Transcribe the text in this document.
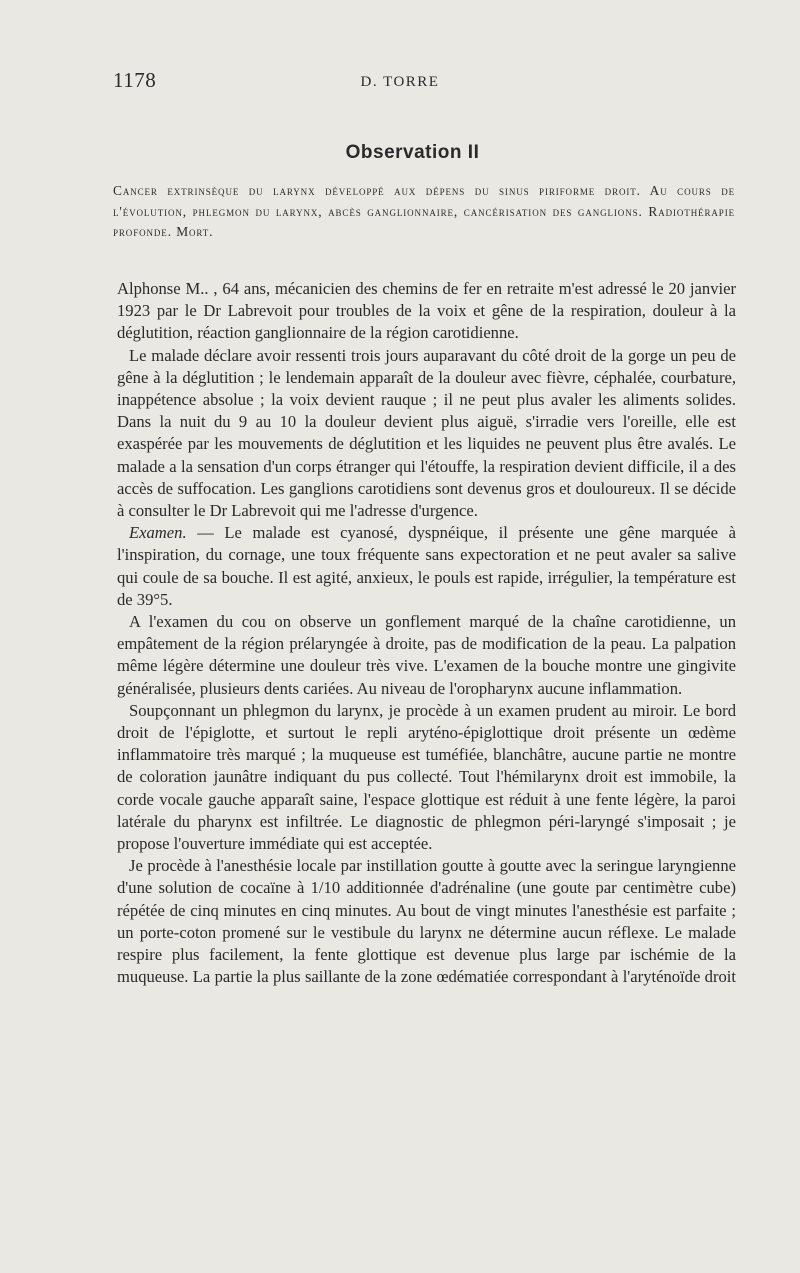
1178	D. TORRE
Observation II
Cancer extrinsèque du larynx développé aux dépens du sinus piriforme droit. Au cours de l'évolution, phlegmon du larynx, abcès ganglionnaire, cancérisation des ganglions. Radiothérapie profonde. Mort.

Alphonse M.. , 64 ans, mécanicien des chemins de fer en retraite m'est adressé le 20 janvier 1923 par le Dr Labrevoit pour troubles de la voix et gêne de la respiration, douleur à la déglutition, réaction ganglionnaire de la région carotidienne.

Le malade déclare avoir ressenti trois jours auparavant du côté droit de la gorge un peu de gêne à la déglutition ; le lendemain apparaît de la douleur avec fièvre, céphalée, courbature, inappétence absolue ; la voix devient rauque ; il ne peut plus avaler les aliments solides. Dans la nuit du 9 au 10 la douleur devient plus aiguë, s'irradie vers l'oreille, elle est exaspérée par les mouvements de déglutition et les liquides ne peuvent plus être avalés. Le malade a la sensation d'un corps étranger qui l'étouffe, la respiration devient difficile, il a des accès de suffocation. Les ganglions carotidiens sont devenus gros et douloureux. Il se décide à consulter le Dr Labrevoit qui me l'adresse d'urgence.

Examen. — Le malade est cyanosé, dyspnéique, il présente une gêne marquée à l'inspiration, du cornage, une toux fréquente sans expectoration et ne peut avaler sa salive qui coule de sa bouche. Il est agité, anxieux, le pouls est rapide, irrégulier, la température est de 39°5.

A l'examen du cou on observe un gonflement marqué de la chaîne carotidienne, un empâtement de la région prélaryngée à droite, pas de modification de la peau. La palpation même légère détermine une douleur très vive. L'examen de la bouche montre une gingivite généralisée, plusieurs dents cariées. Au niveau de l'oropharynx aucune inflammation.

Soupçonnant un phlegmon du larynx, je procède à un examen prudent au miroir. Le bord droit de l'épiglotte, et surtout le repli aryténo-épiglottique droit présente un œdème inflammatoire très marqué ; la muqueuse est tuméfiée, blanchâtre, aucune partie ne montre de coloration jaunâtre indiquant du pus collecté. Tout l'hémilarynx droit est immobile, la corde vocale gauche apparaît saine, l'espace glottique est réduit à une fente légère, la paroi latérale du pharynx est infiltrée. Le diagnostic de phlegmon péri-laryngé s'imposait ; je propose l'ouverture immédiate qui est acceptée.

Je procède à l'anesthésie locale par instillation goutte à goutte avec la seringue laryngienne d'une solution de cocaïne à 1/10 additionnée d'adrénaline (une goute par centimètre cube) répétée de cinq minutes en cinq minutes. Au bout de vingt minutes l'anesthésie est parfaite ; un porte-coton promené sur le vestibule du larynx ne détermine aucun réflexe. Le malade respire plus facilement, la fente glottique est devenue plus large par ischémie de la muqueuse. La partie la plus saillante de la zone œdématiée correspondant à l'aryténoïde droit
